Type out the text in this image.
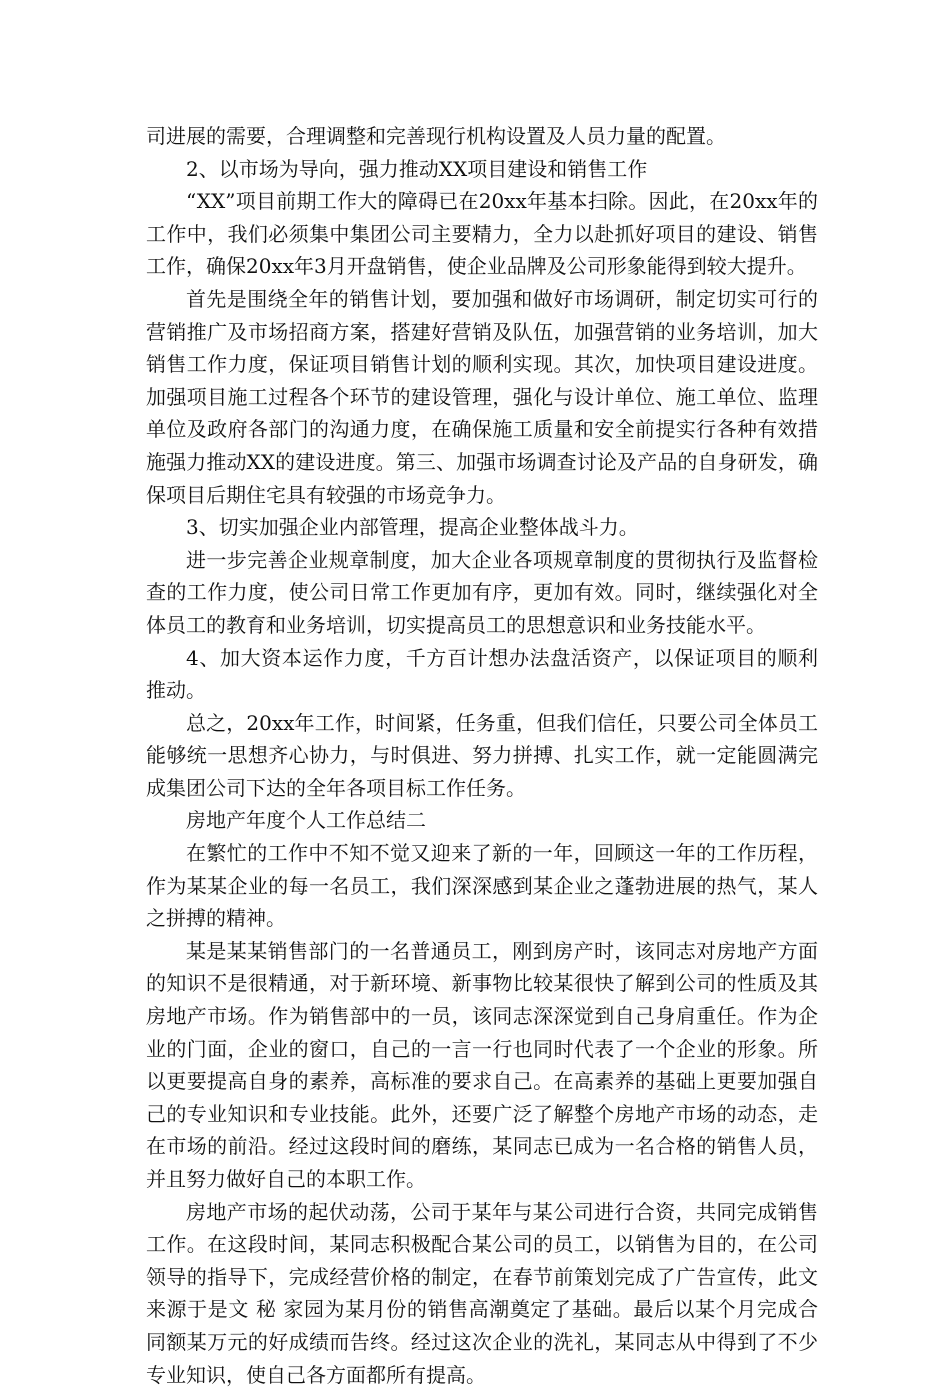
司进展的需要，合理调整和完善现行机构设置及人员力量的配置。

2、以市场为导向，强力推动XX项目建设和销售工作

“XX”项目前期工作大的障碍已在20xx年基本扫除。因此，在20xx年的工作中，我们必须集中集团公司主要精力，全力以赴抓好项目的建设、销售工作，确保20xx年3月开盘销售，使企业品牌及公司形象能得到较大提升。

首先是围绕全年的销售计划，要加强和做好市场调研，制定切实可行的营销推广及市场招商方案，搭建好营销及队伍，加强营销的业务培训，加大销售工作力度，保证项目销售计划的顺利实现。其次，加快项目建设进度。加强项目施工过程各个环节的建设管理，强化与设计单位、施工单位、监理单位及政府各部门的沟通力度，在确保施工质量和安全前提实行各种有效措施强力推动XX的建设进度。第三、加强市场调查讨论及产品的自身研发，确保项目后期住宅具有较强的市场竞争力。

3、切实加强企业内部管理，提高企业整体战斗力。

进一步完善企业规章制度，加大企业各项规章制度的贯彻执行及监督检查的工作力度，使公司日常工作更加有序，更加有效。同时，继续强化对全体员工的教育和业务培训，切实提高员工的思想意识和业务技能水平。

4、加大资本运作力度，千方百计想办法盘活资产，以保证项目的顺利推动。

总之，20xx年工作，时间紧，任务重，但我们信任，只要公司全体员工能够统一思想齐心协力，与时俱进、努力拼搏、扎实工作，就一定能圆满完成集团公司下达的全年各项目标工作任务。

房地产年度个人工作总结二

在繁忙的工作中不知不觉又迎来了新的一年，回顾这一年的工作历程，作为某某企业的每一名员工，我们深深感到某企业之蓬勃进展的热气，某人之拼搏的精神。

某是某某销售部门的一名普通员工，刚到房产时，该同志对房地产方面的知识不是很精通，对于新环境、新事物比较某很快了解到公司的性质及其房地产市场。作为销售部中的一员，该同志深深觉到自己身肩重任。作为企业的门面，企业的窗口，自己的一言一行也同时代表了一个企业的形象。所以更要提高自身的素养，高标准的要求自己。在高素养的基础上更要加强自己的专业知识和专业技能。此外，还要广泛了解整个房地产市场的动态，走在市场的前沿。经过这段时间的磨练，某同志已成为一名合格的销售人员，并且努力做好自己的本职工作。

房地产市场的起伏动荡，公司于某年与某公司进行合资，共同完成销售工作。在这段时间，某同志积极配合某公司的员工，以销售为目的，在公司领导的指导下，完成经营价格的制定，在春节前策划完成了广告宣传，此文来源于是文 秘 家园为某月份的销售高潮奠定了基础。最后以某个月完成合同额某万元的好成绩而告终。经过这次企业的洗礼，某同志从中得到了不少专业知识，使自己各方面都所有提高。
